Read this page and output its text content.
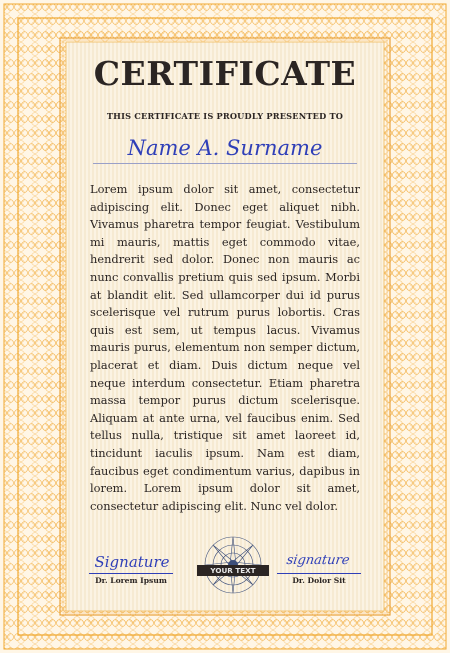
CERTIFICATE
THIS CERTIFICATE IS PROUDLY PRESENTED TO
Name A. Surname
Lorem ipsum dolor sit amet, consectetur adipiscing elit. Donec eget aliquet nibh. Vivamus pharetra tempor feugiat. Vestibulum mi mauris, mattis eget commodo vitae, hendrerit sed dolor. Donec non mauris ac nunc convallis pretium quis sed ipsum. Morbi at blandit elit. Sed ullamcorper dui id purus scelerisque vel rutrum purus lobortis. Cras quis est sem, ut tempus lacus. Vivamus mauris purus, elementum non semper dictum, placerat et diam. Duis dictum neque vel neque interdum consectetur. Etiam pharetra massa tempor purus dictum scelerisque. Aliquam at ante urna, vel faucibus enim. Sed tellus nulla, tristique sit amet laoreet id, tincidunt iaculis ipsum. Nam est diam, faucibus eget condimentum varius, dapibus in lorem. Lorem ipsum dolor sit amet, consectetur adipiscing elit. Nunc vel dolor.
Signature
Dr. Lorem Ipsum
YOUR TEXT
signature
Dr. Dolor Sit
